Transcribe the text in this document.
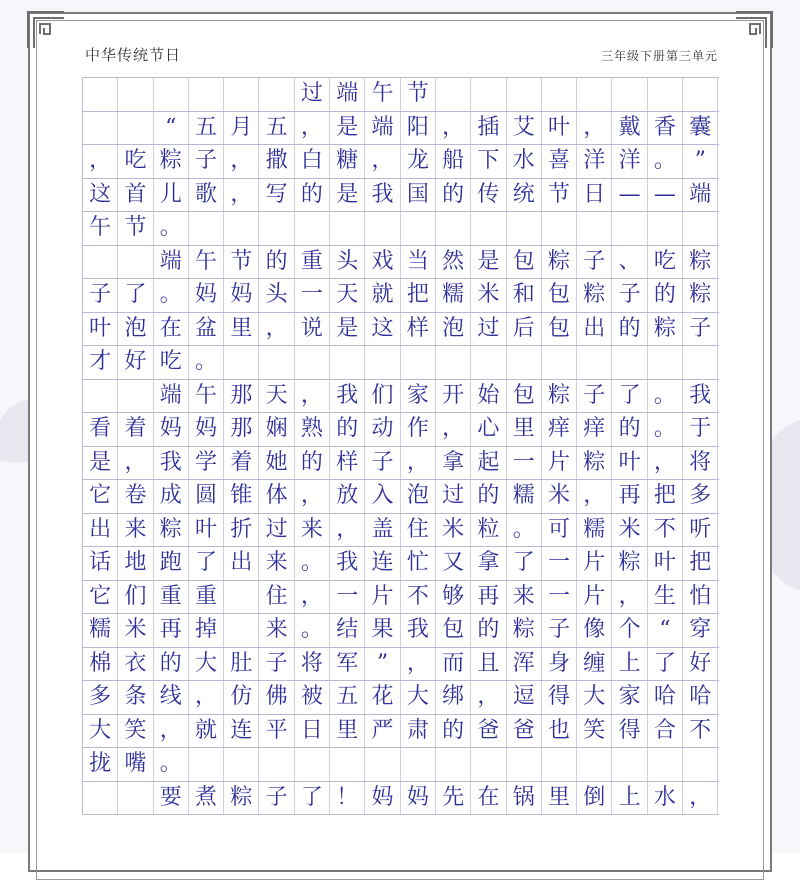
中华传统节日	三年级下册第三单元
过 端 午 节
“ 五 月 五 ， 是 端 阳 ， 插 艾 叶 ， 戴 香 囊
， 吃 粽 子 ， 撒 白 糖 ， 龙 船 下 水 喜 洋 洋 。 ”
这 首 儿 歌 ， 写 的 是 我 国 的 传 统 节 日 — — 端
午 节 。
端 午 节 的 重 头 戏 当 然 是 包 粽 子 、 吃 粽
子 了 。 妈 妈 头 一 天 就 把 糯 米 和 包 粽 子 的 粽
叶 泡 在 盆 里 ， 说 是 这 样 泡 过 后 包 出 的 粽 子
才 好 吃 。
端 午 那 天 ， 我 们 家 开 始 包 粽 子 了 。 我
看 着 妈 妈 那 娴 熟 的 动 作 ， 心 里 痒 痒 的 。 于
是 ， 我 学 着 她 的 样 子 ， 拿 起 一 片 粽 叶 ， 将
它 卷 成 圆 锥 体 ， 放 入 泡 过 的 糯 米 ， 再 把 多
出 来 粽 叶 折 过 来 ， 盖 住 米 粒 。 可 糯 米 不 听
话 地 跑 了 出 来 。 我 连 忙 又 拿 了 一 片 粽 叶 把
它 们 重 重	住 ， 一 片 不 够 再 来 一 片 ， 生 怕
糯 米 再 掉	来 。 结 果 我 包 的 粽 子 像 个 “ 穿
棉 衣 的 大 肚 子 将 军 ” ， 而 且 浑 身 缠 上 了 好
多 条 线 ， 仿 佛 被 五 花 大 绑 ， 逗 得 大 家 哈 哈
大 笑 ， 就 连 平 日 里 严 肃 的 爸 爸 也 笑 得 合 不
拢 嘴 。
要 煮 粽 子 了 ！ 妈 妈 先 在 锅 里 倒 上 水 ，
